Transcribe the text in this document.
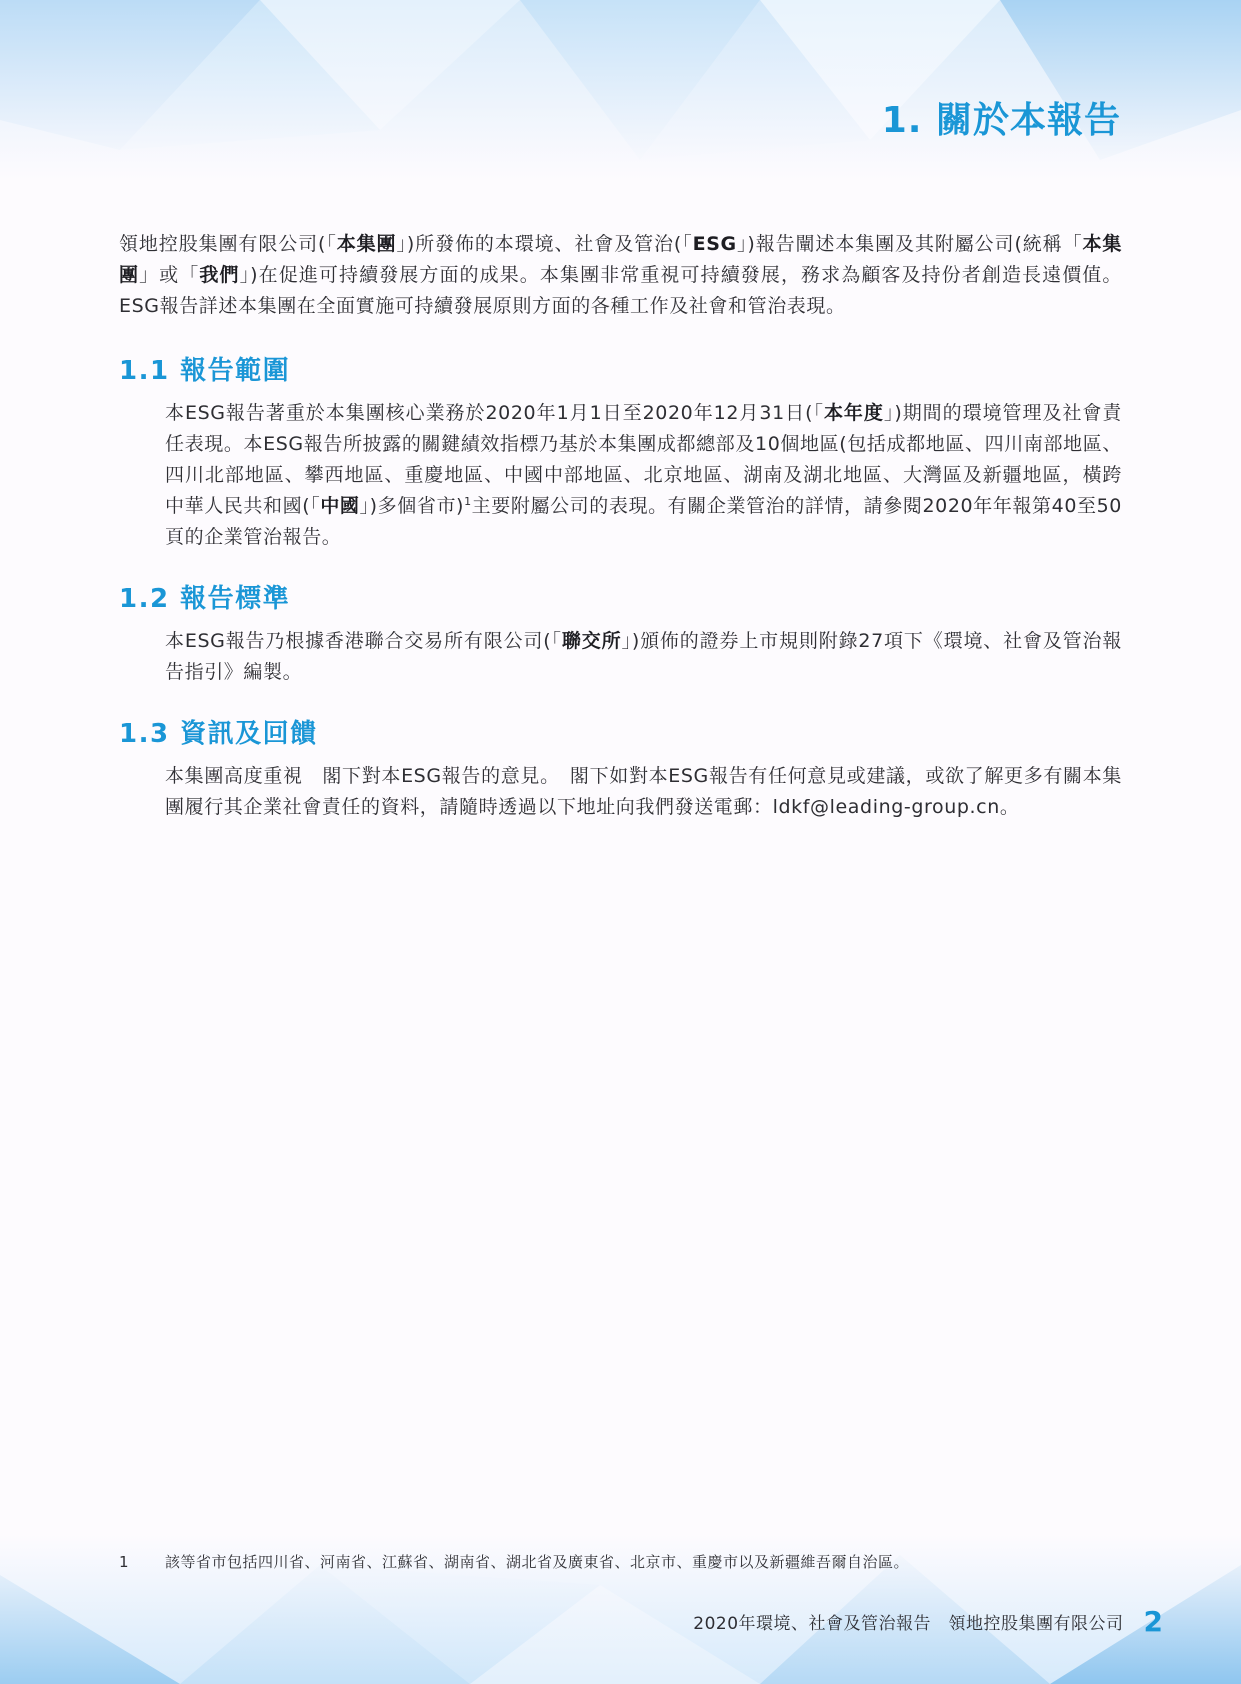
1. 關於本報告

領地控股集團有限公司(「本集團」)所發佈的本環境、社會及管治(「ESG」)報告闡述本集團及其附屬公司(統稱「本集團」或「我們」)在促進可持續發展方面的成果。本集團非常重視可持續發展，務求為顧客及持份者創造長遠價值。ESG報告詳述本集團在全面實施可持續發展原則方面的各種工作及社會和管治表現。

1.1 報告範圍

本ESG報告著重於本集團核心業務於2020年1月1日至2020年12月31日(「本年度」)期間的環境管理及社會責任表現。本ESG報告所披露的關鍵績效指標乃基於本集團成都總部及10個地區(包括成都地區、四川南部地區、四川北部地區、攀西地區、重慶地區、中國中部地區、北京地區、湖南及湖北地區、大灣區及新疆地區，橫跨中華人民共和國(「中國」)多個省市)$^1$主要附屬公司的表現。有關企業管治的詳情，請參閱2020年年報第40至50頁的企業管治報告。

1.2 報告標準

本ESG報告乃根據香港聯合交易所有限公司(「聯交所」)頒佈的證券上市規則附錄27項下《環境、社會及管治報告指引》編製。

1.3 資訊及回饋

本集團高度重視　閣下對本ESG報告的意見。　閣下如對本ESG報告有任何意見或建議，或欲了解更多有關本集團履行其企業社會責任的資料，請隨時透過以下地址向我們發送電郵：ldkf@leading-group.cn。

1 該等省市包括四川省、河南省、江蘇省、湖南省、湖北省及廣東省、北京市、重慶市以及新疆維吾爾自治區。
2020年環境、社會及管治報告　領地控股集團有限公司 2
